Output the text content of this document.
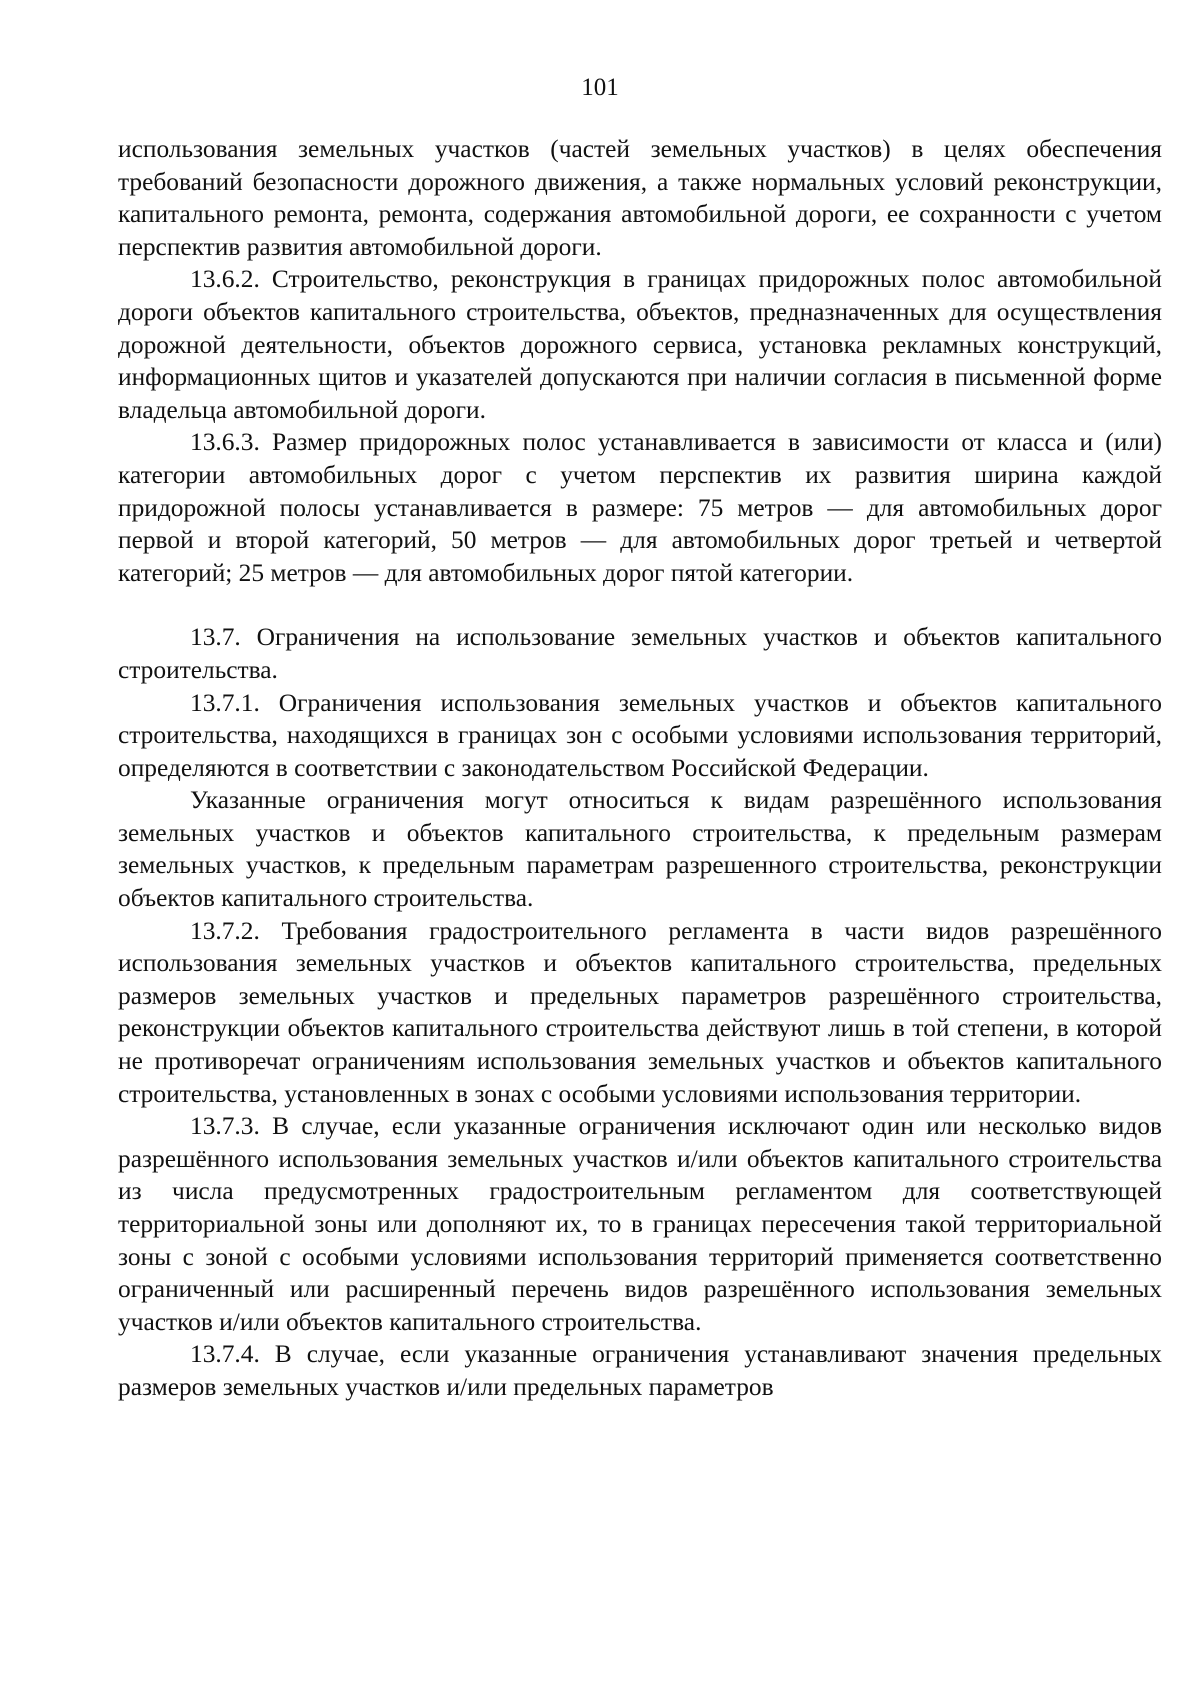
101

использования земельных участков (частей земельных участков) в целях обеспечения требований безопасности дорожного движения, а также нормальных условий реконструкции, капитального ремонта, ремонта, содержания автомобильной дороги, ее сохранности с учетом перспектив развития автомобильной дороги.

13.6.2. Строительство, реконструкция в границах придорожных полос автомобильной дороги объектов капитального строительства, объектов, предназначенных для осуществления дорожной деятельности, объектов дорожного сервиса, установка рекламных конструкций, информационных щитов и указателей допускаются при наличии согласия в письменной форме владельца автомобильной дороги.

13.6.3. Размер придорожных полос устанавливается в зависимости от класса и (или) категории автомобильных дорог с учетом перспектив их развития ширина каждой придорожной полосы устанавливается в размере: 75 метров — для автомобильных дорог первой и второй категорий, 50 метров — для автомобильных дорог третьей и четвертой категорий; 25 метров — для автомобильных дорог пятой категории.

13.7. Ограничения на использование земельных участков и объектов капитального строительства.

13.7.1. Ограничения использования земельных участков и объектов капитального строительства, находящихся в границах зон с особыми условиями использования территорий, определяются в соответствии с законодательством Российской Федерации.

Указанные ограничения могут относиться к видам разрешённого использования земельных участков и объектов капитального строительства, к предельным размерам земельных участков, к предельным параметрам разрешенного строительства, реконструкции объектов капитального строительства.

13.7.2. Требования градостроительного регламента в части видов разрешённого использования земельных участков и объектов капитального строительства, предельных размеров земельных участков и предельных параметров разрешённого строительства, реконструкции объектов капитального строительства действуют лишь в той степени, в которой не противоречат ограничениям использования земельных участков и объектов капитального строительства, установленных в зонах с особыми условиями использования территории.

13.7.3. В случае, если указанные ограничения исключают один или несколько видов разрешённого использования земельных участков и/или объектов капитального строительства из числа предусмотренных градостроительным регламентом для соответствующей территориальной зоны или дополняют их, то в границах пересечения такой территориальной зоны с зоной с особыми условиями использования территорий применяется соответственно ограниченный или расширенный перечень видов разрешённого использования земельных участков и/или объектов капитального строительства.

13.7.4. В случае, если указанные ограничения устанавливают значения предельных размеров земельных участков и/или предельных параметров
